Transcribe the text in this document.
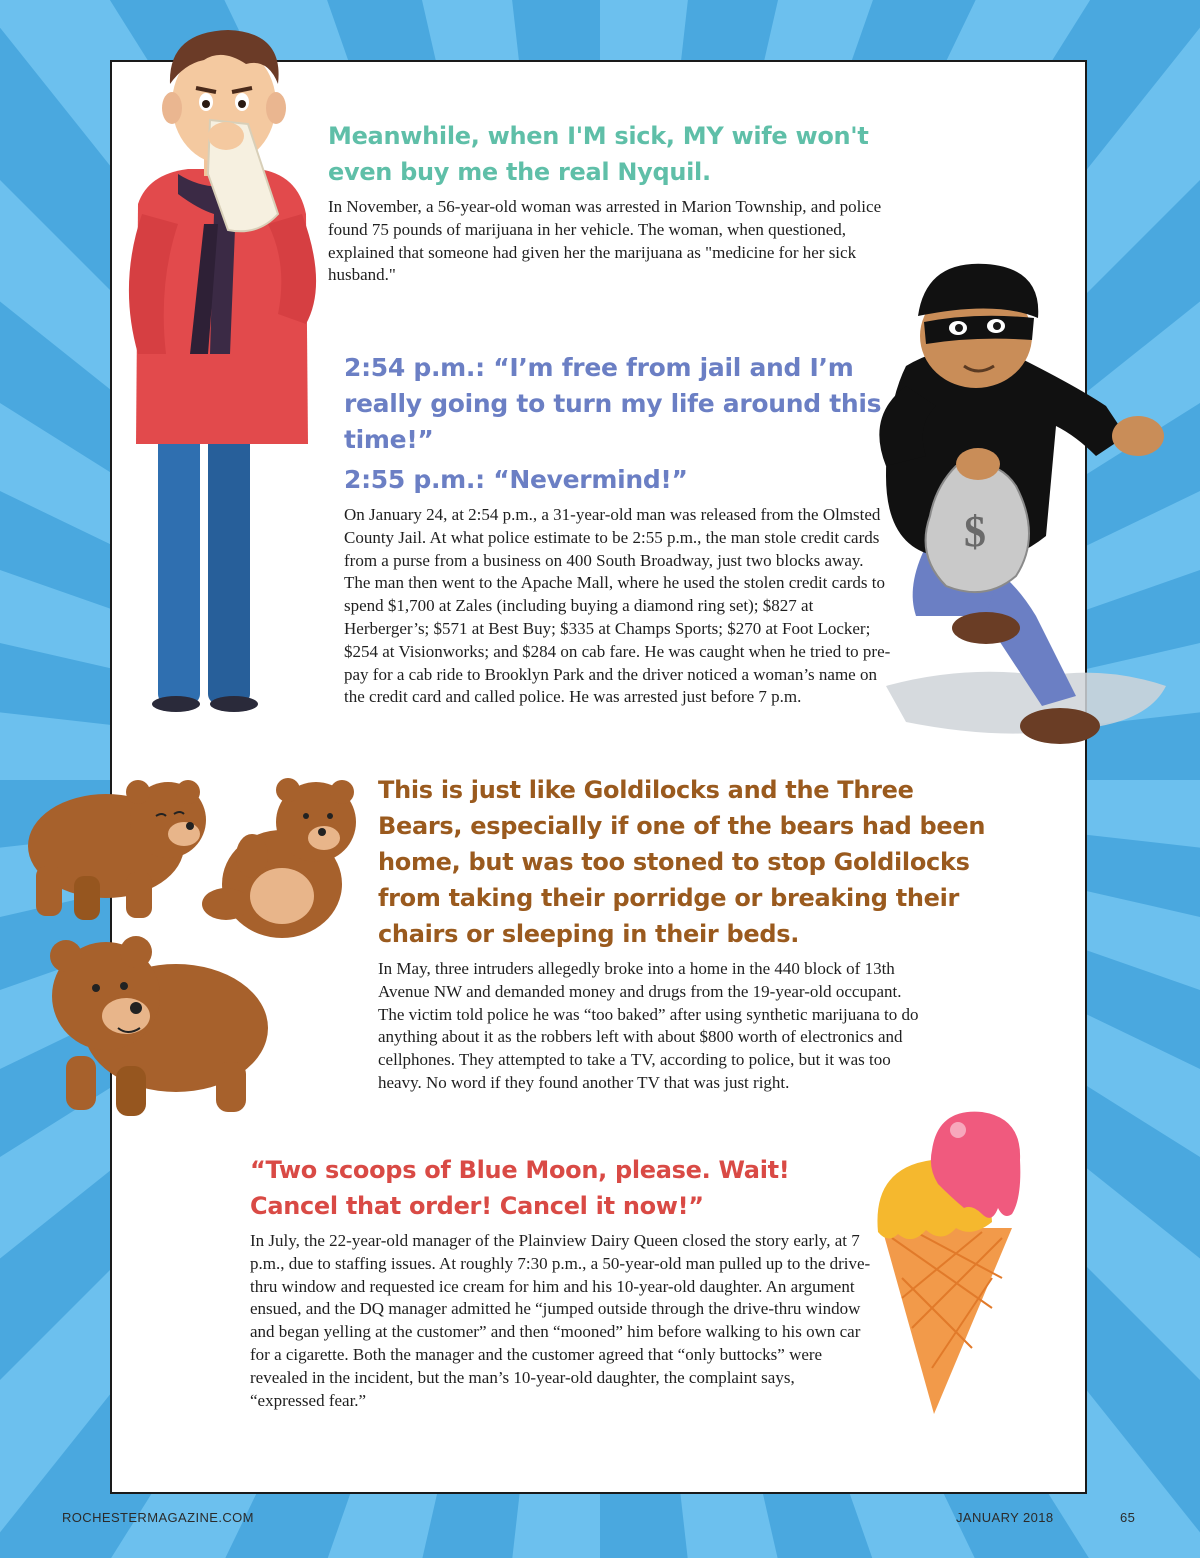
$
Meanwhile, when I'M sick, MY wife won't even buy me the real Nyquil.
In November, a 56-year-old woman was arrested in Marion Township, and police found 75 pounds of marijuana in her vehicle. The woman, when questioned, explained that someone had given her the marijuana as "medicine for her sick husband."
2:54 p.m.: “I’m free from jail and I’m really going to turn my life around this time!”
2:55 p.m.: “Nevermind!”
On January 24, at 2:54 p.m., a 31-year-old man was released from the Olmsted County Jail. At what police estimate to be 2:55 p.m., the man stole credit cards from a purse from a business on 400 South Broadway, just two blocks away. The man then went to the Apache Mall, where he used the stolen credit cards to spend $1,700 at Zales (including buying a diamond ring set); $827 at Herberger’s; $571 at Best Buy; $335 at Champs Sports; $270 at Foot Locker; $254 at Visionworks; and $284 on cab fare. He was caught when he tried to pre-pay for a cab ride to Brooklyn Park and the driver noticed a woman’s name on the credit card and called police. He was arrested just before 7 p.m.
This is just like Goldilocks and the Three Bears, especially if one of the bears had been home, but was too stoned to stop Goldilocks from taking their porridge or breaking their chairs or sleeping in their beds.
In May, three intruders allegedly broke into a home in the 440 block of 13th Avenue NW and demanded money and drugs from the 19-year-old occupant. The victim told police he was “too baked” after using synthetic marijuana to do anything about it as the robbers left with about $800 worth of electronics and cellphones. They attempted to take a TV, according to police, but it was too heavy. No word if they found another TV that was just right.
“Two scoops of Blue Moon, please. Wait! Cancel that order! Cancel it now!”
In July, the 22-year-old manager of the Plainview Dairy Queen closed the story early, at 7 p.m., due to staffing issues. At roughly 7:30 p.m., a 50-year-old man pulled up to the drive-thru window and requested ice cream for him and his 10-year-old daughter. An argument ensued, and the DQ manager admitted he “jumped outside through the drive-thru window and began yelling at the customer” and then “mooned” him before walking to his own car for a cigarette. Both the manager and the customer agreed that “only buttocks” were revealed in the incident, but the man’s 10-year-old daughter, the complaint says, “expressed fear.”
ROCHESTERMAGAZINE.COM	JANUARY 2018	65
